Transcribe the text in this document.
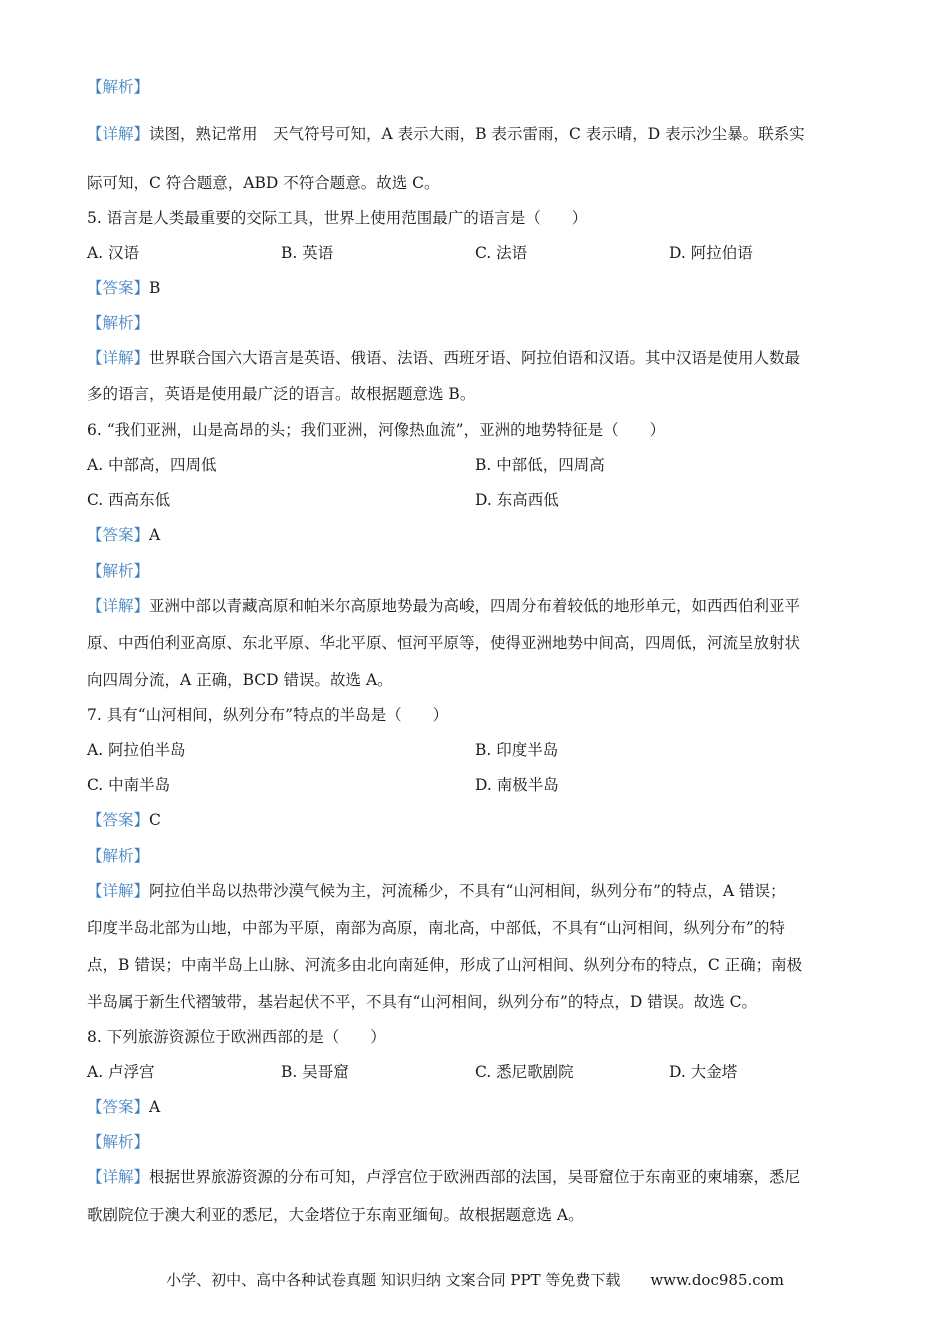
【解析】
【详解】读图，熟记常用　天气符号可知，A 表示大雨，B 表示雷雨，C 表示晴，D 表示沙尘暴。联系实
际可知，C 符合题意，ABD 不符合题意。故选 C。
5. 语言是人类最重要的交际工具，世界上使用范围最广的语言是（　　）
A. 汉语	B. 英语	C. 法语	D. 阿拉伯语
【答案】B
【解析】
【详解】世界联合国六大语言是英语、俄语、法语、西班牙语、阿拉伯语和汉语。其中汉语是使用人数最
多的语言，英语是使用最广泛的语言。故根据题意选 B。
6. “我们亚洲，山是高昂的头；我们亚洲，河像热血流”，亚洲的地势特征是（　　）
A. 中部高，四周低	B. 中部低，四周高
C. 西高东低	D. 东高西低
【答案】A
【解析】
【详解】亚洲中部以青藏高原和帕米尔高原地势最为高峻，四周分布着较低的地形单元，如西西伯利亚平
原、中西伯利亚高原、东北平原、华北平原、恒河平原等，使得亚洲地势中间高，四周低，河流呈放射状
向四周分流，A 正确，BCD 错误。故选 A。
7. 具有“山河相间，纵列分布”特点的半岛是（　　）
A. 阿拉伯半岛	B. 印度半岛
C. 中南半岛	D. 南极半岛
【答案】C
【解析】
【详解】阿拉伯半岛以热带沙漠气候为主，河流稀少，不具有“山河相间，纵列分布”的特点，A 错误；
印度半岛北部为山地，中部为平原，南部为高原，南北高，中部低，不具有“山河相间，纵列分布”的特
点，B 错误；中南半岛上山脉、河流多由北向南延伸，形成了山河相间、纵列分布的特点，C 正确；南极
半岛属于新生代褶皱带，基岩起伏不平，不具有“山河相间，纵列分布”的特点，D 错误。故选 C。
8. 下列旅游资源位于欧洲西部的是（　　）
A. 卢浮宫	B. 吴哥窟	C. 悉尼歌剧院	D. 大金塔
【答案】A
【解析】
【详解】根据世界旅游资源的分布可知，卢浮宫位于欧洲西部的法国，吴哥窟位于东南亚的柬埔寨，悉尼
歌剧院位于澳大利亚的悉尼，大金塔位于东南亚缅甸。故根据题意选 A。
小学、初中、高中各种试卷真题 知识归纳 文案合同 PPT 等免费下载　　www.doc985.com
